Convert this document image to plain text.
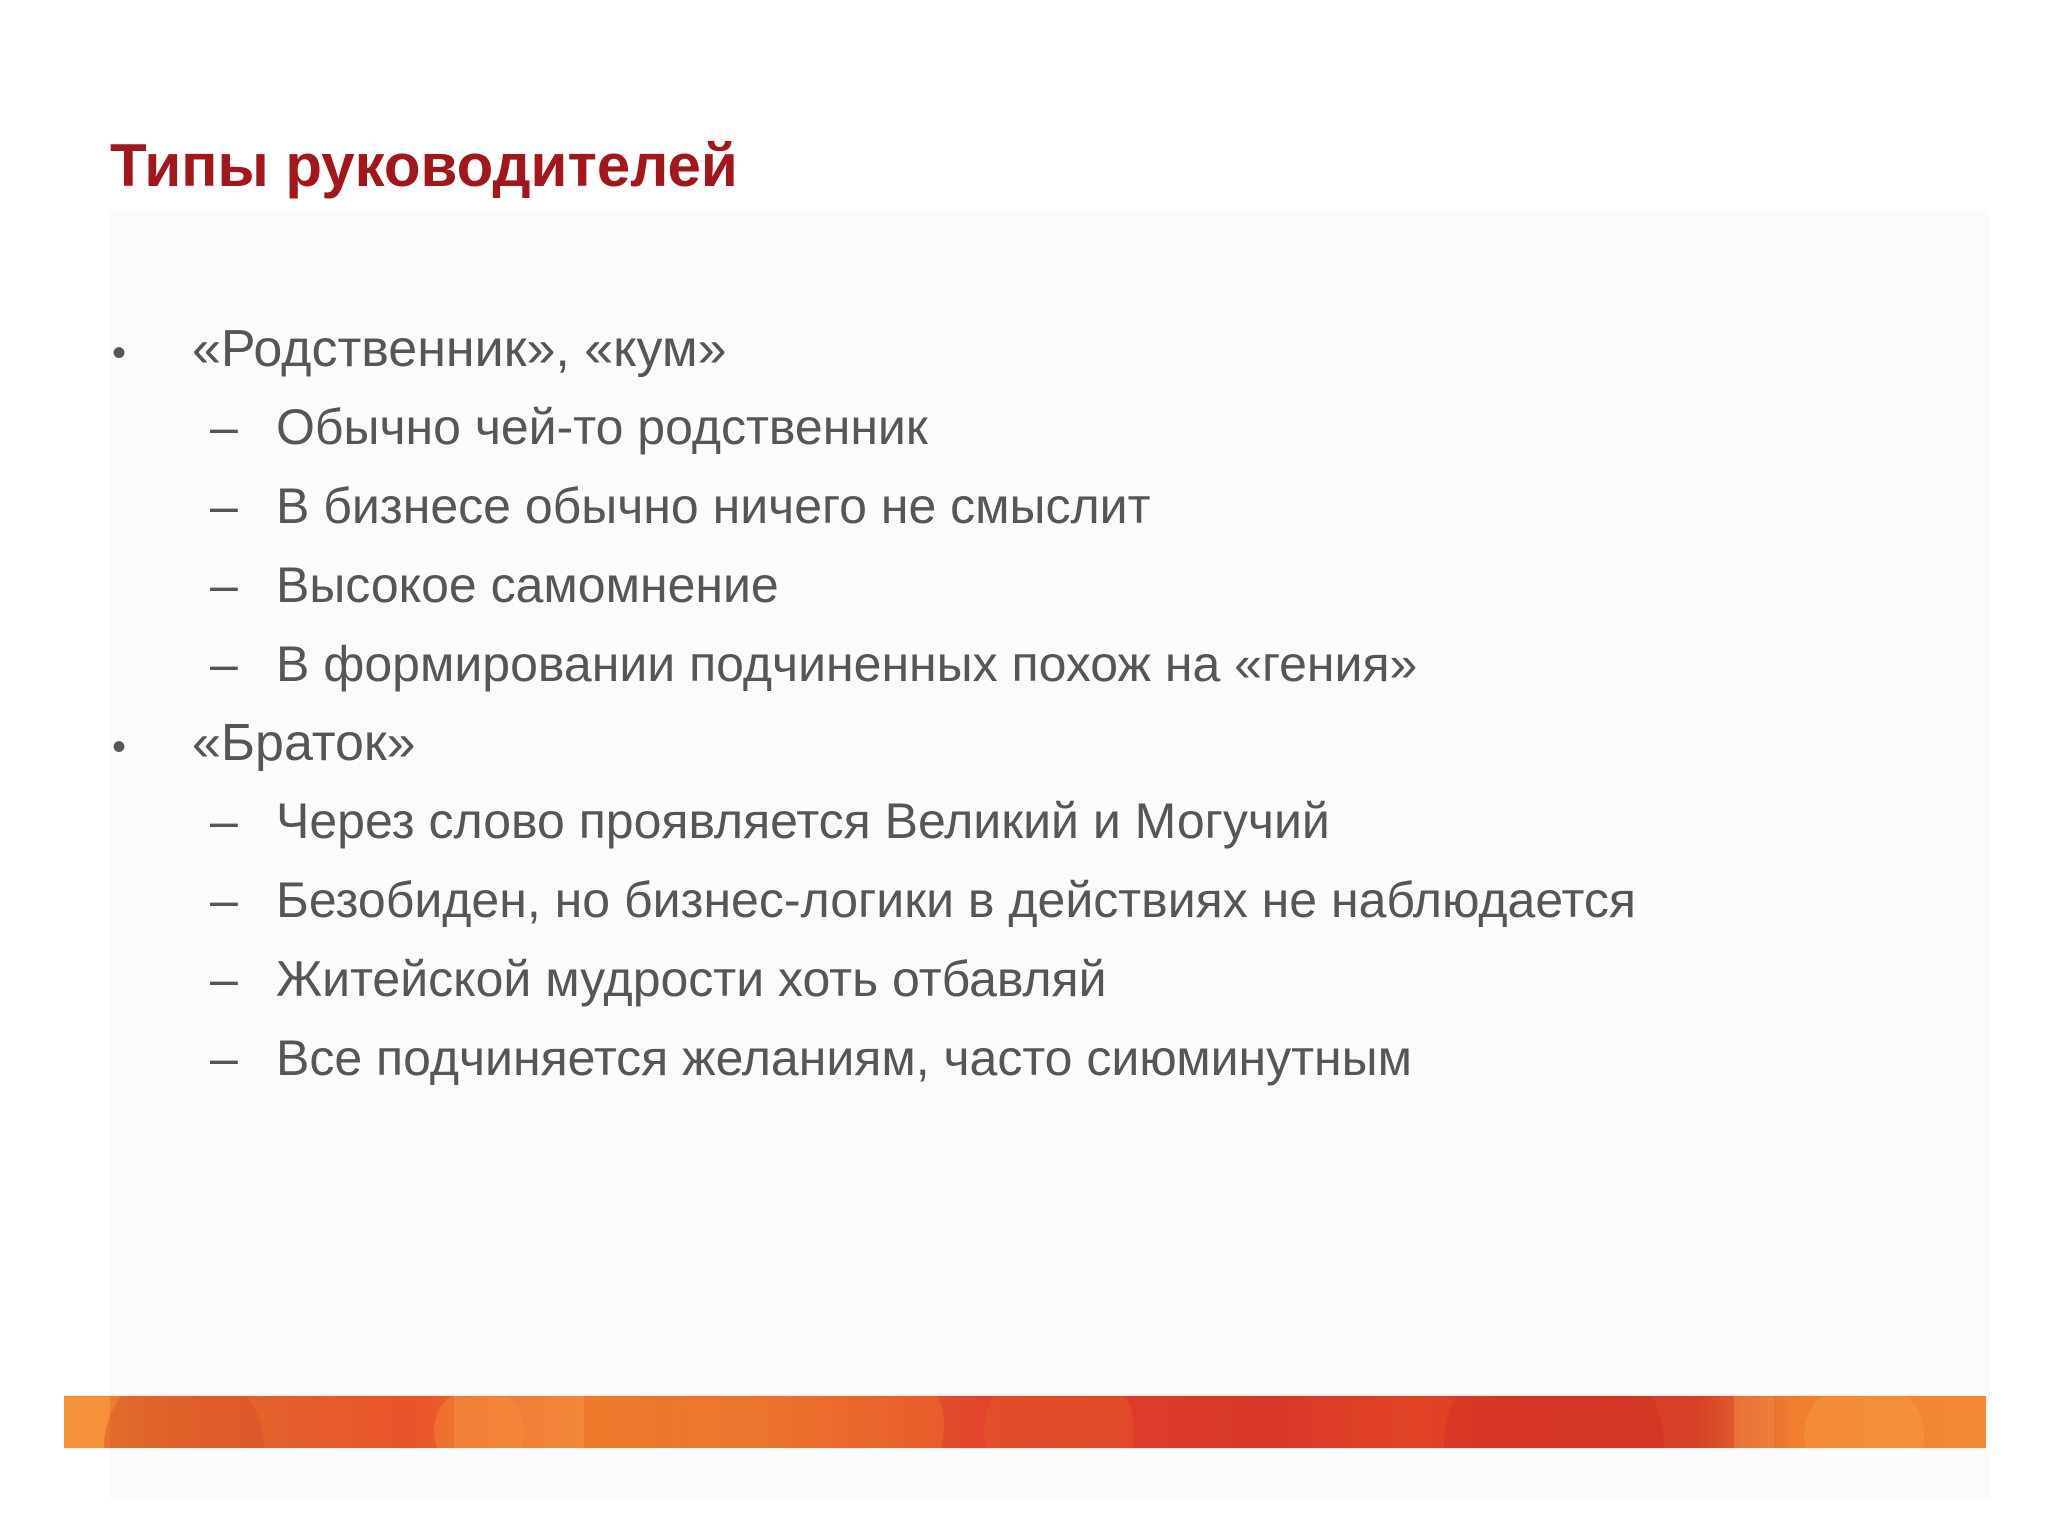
Типы руководителей
•	«Родственник», «кум»
– Обычно чей-то родственник
– В бизнесе обычно ничего не смыслит
– Высокое самомнение
– В формировании подчиненных похож на «гения»
•	«Браток»
– Через слово проявляется Великий и Могучий
– Безобиден, но бизнес-логики в действиях не наблюдается
– Житейской мудрости хоть отбавляй
– Все подчиняется желаниям, часто сиюминутным
